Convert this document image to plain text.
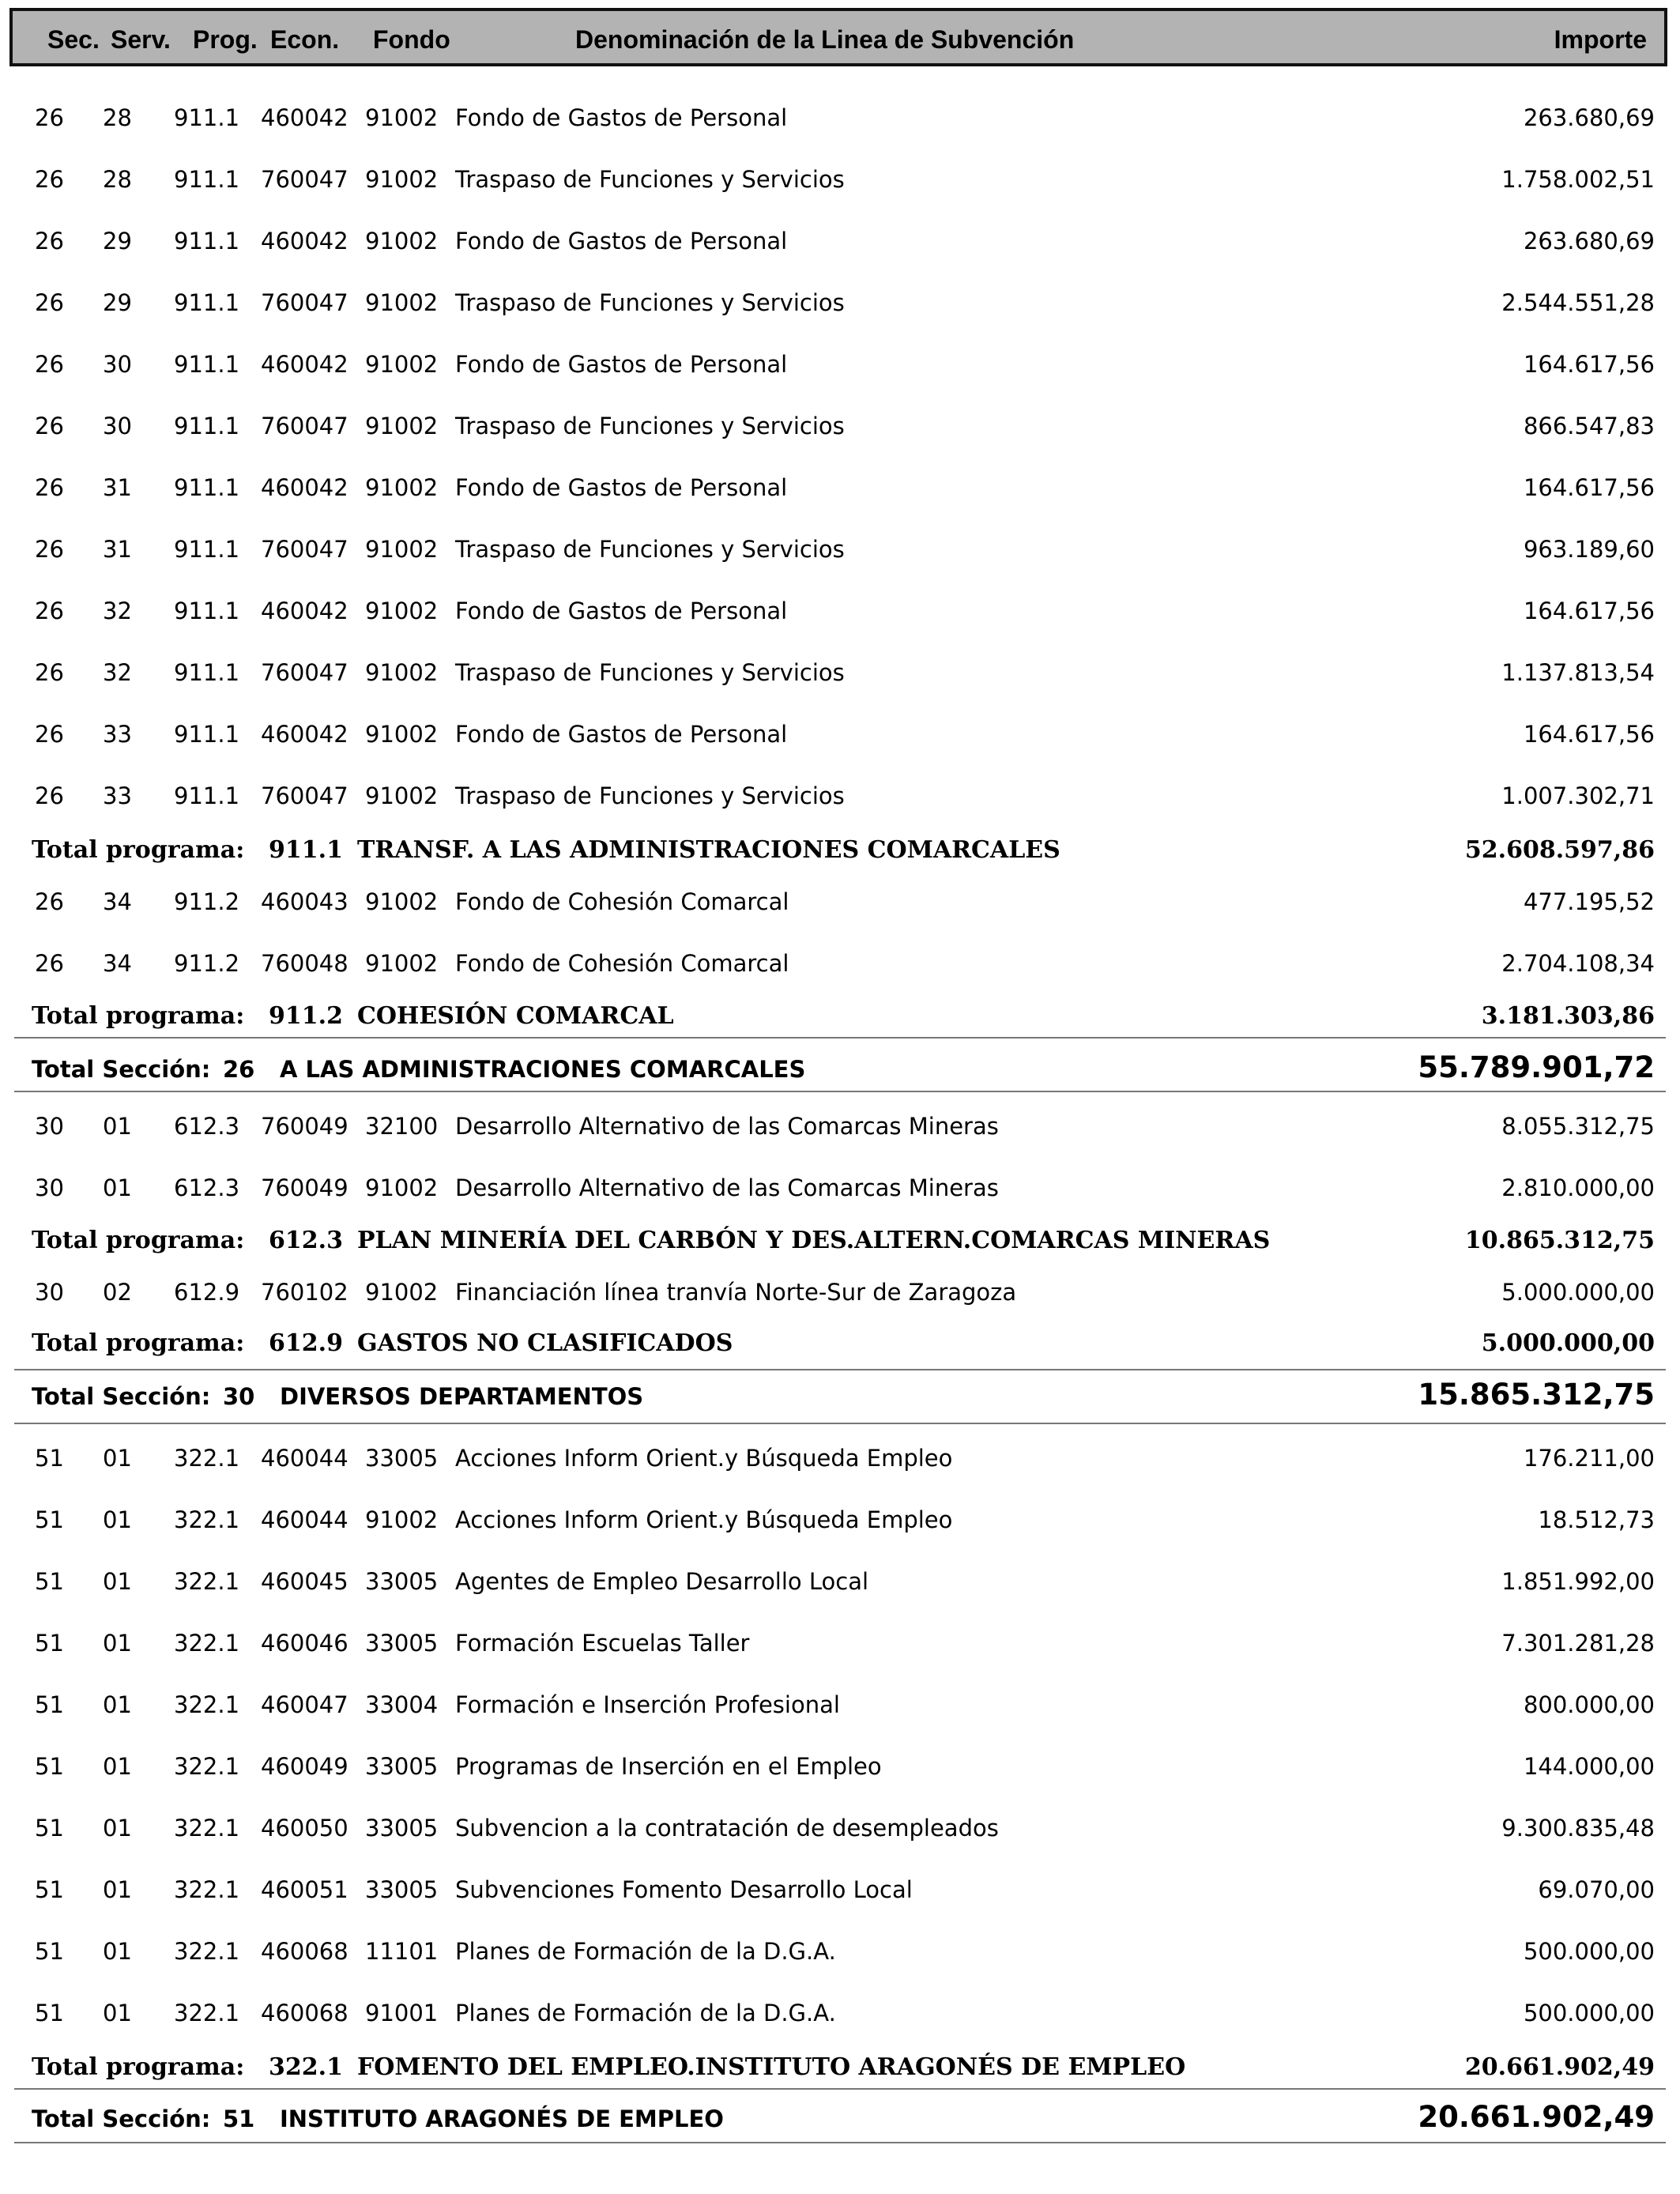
Sec. Serv. Prog. Econ. Fondo	Denominación de la Linea de Subvención	Importe
26 28 911.1 460042 91002 Fondo de Gastos de Personal	263.680,69
26 28 911.1 760047 91002 Traspaso de Funciones y Servicios	1.758.002,51
26 29 911.1 460042 91002 Fondo de Gastos de Personal	263.680,69
26 29 911.1 760047 91002 Traspaso de Funciones y Servicios	2.544.551,28
26 30 911.1 460042 91002 Fondo de Gastos de Personal	164.617,56
26 30 911.1 760047 91002 Traspaso de Funciones y Servicios	866.547,83
26 31 911.1 460042 91002 Fondo de Gastos de Personal	164.617,56
26 31 911.1 760047 91002 Traspaso de Funciones y Servicios	963.189,60
26 32 911.1 460042 91002 Fondo de Gastos de Personal	164.617,56
26 32 911.1 760047 91002 Traspaso de Funciones y Servicios	1.137.813,54
26 33 911.1 460042 91002 Fondo de Gastos de Personal	164.617,56
26 33 911.1 760047 91002 Traspaso de Funciones y Servicios	1.007.302,71
Total programa: 911.1 TRANSF. A LAS ADMINISTRACIONES COMARCALES	52.608.597,86
26 34 911.2 460043 91002 Fondo de Cohesión Comarcal	477.195,52
26 34 911.2 760048 91002 Fondo de Cohesión Comarcal	2.704.108,34
Total programa: 911.2 COHESIÓN COMARCAL	3.181.303,86
Total Sección: 26 A LAS ADMINISTRACIONES COMARCALES	55.789.901,72
30 01 612.3 760049 32100 Desarrollo Alternativo de las Comarcas Mineras	8.055.312,75
30 01 612.3 760049 91002 Desarrollo Alternativo de las Comarcas Mineras	2.810.000,00
Total programa: 612.3 PLAN MINERÍA DEL CARBÓN Y DES.ALTERN.COMARCAS MINERAS	10.865.312,75
30 02 612.9 760102 91002 Financiación línea tranvía Norte-Sur de Zaragoza	5.000.000,00
Total programa: 612.9 GASTOS NO CLASIFICADOS	5.000.000,00
Total Sección: 30 DIVERSOS DEPARTAMENTOS	15.865.312,75
51 01 322.1 460044 33005 Acciones Inform Orient.y Búsqueda Empleo	176.211,00
51 01 322.1 460044 91002 Acciones Inform Orient.y Búsqueda Empleo	18.512,73
51 01 322.1 460045 33005 Agentes de Empleo Desarrollo Local	1.851.992,00
51 01 322.1 460046 33005 Formación Escuelas Taller	7.301.281,28
51 01 322.1 460047 33004 Formación e Inserción Profesional	800.000,00
51 01 322.1 460049 33005 Programas de Inserción en el Empleo	144.000,00
51 01 322.1 460050 33005 Subvencion a la contratación de desempleados	9.300.835,48
51 01 322.1 460051 33005 Subvenciones Fomento Desarrollo Local	69.070,00
51 01 322.1 460068 11101 Planes de Formación de la D.G.A.	500.000,00
51 01 322.1 460068 91001 Planes de Formación de la D.G.A.	500.000,00
Total programa: 322.1 FOMENTO DEL EMPLEO.INSTITUTO ARAGONÉS DE EMPLEO	20.661.902,49
Total Sección: 51 INSTITUTO ARAGONÉS DE EMPLEO	20.661.902,49
